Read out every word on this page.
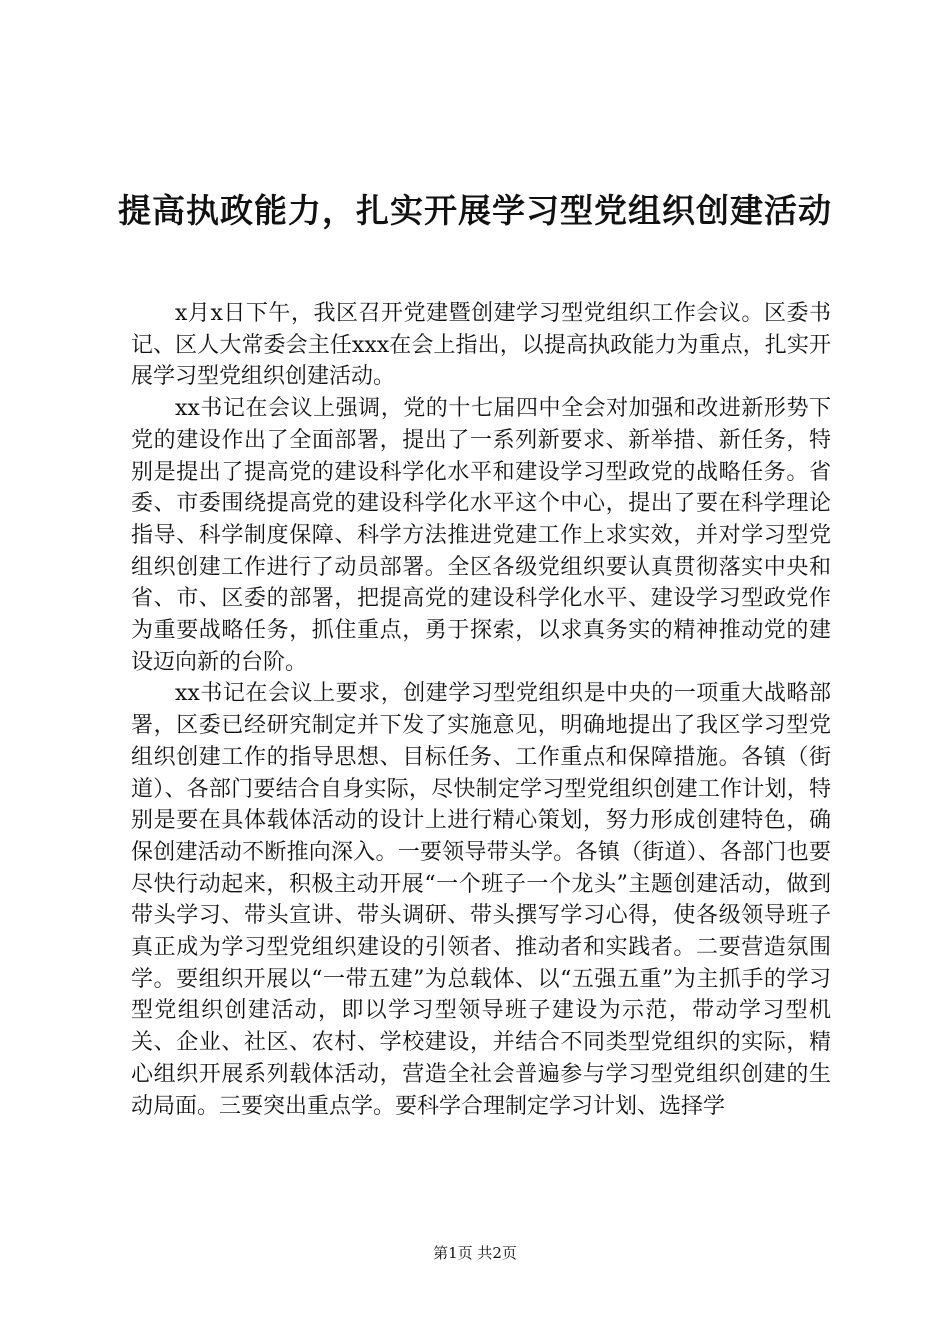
提高执政能力，扎实开展学习型党组织创建活动

x月x日下午，我区召开党建暨创建学习型党组织工作会议。区委书记、区人大常委会主任xxx在会上指出，以提高执政能力为重点，扎实开展学习型党组织创建活动。

xx书记在会议上强调，党的十七届四中全会对加强和改进新形势下党的建设作出了全面部署，提出了一系列新要求、新举措、新任务，特别是提出了提高党的建设科学化水平和建设学习型政党的战略任务。省委、市委围绕提高党的建设科学化水平这个中心，提出了要在科学理论指导、科学制度保障、科学方法推进党建工作上求实效，并对学习型党组织创建工作进行了动员部署。全区各级党组织要认真贯彻落实中央和省、市、区委的部署，把提高党的建设科学化水平、建设学习型政党作为重要战略任务，抓住重点，勇于探索，以求真务实的精神推动党的建设迈向新的台阶。

xx书记在会议上要求，创建学习型党组织是中央的一项重大战略部署，区委已经研究制定并下发了实施意见，明确地提出了我区学习型党组织创建工作的指导思想、目标任务、工作重点和保障措施。各镇（街道）、各部门要结合自身实际，尽快制定学习型党组织创建工作计划，特别是要在具体载体活动的设计上进行精心策划，努力形成创建特色，确保创建活动不断推向深入。一要领导带头学。各镇（街道）、各部门也要尽快行动起来，积极主动开展“一个班子一个龙头”主题创建活动，做到带头学习、带头宣讲、带头调研、带头撰写学习心得，使各级领导班子真正成为学习型党组织建设的引领者、推动者和实践者。二要营造氛围学。要组织开展以“一带五建”为总载体、以“五强五重”为主抓手的学习型党组织创建活动，即以学习型领导班子建设为示范，带动学习型机关、企业、社区、农村、学校建设，并结合不同类型党组织的实际，精心组织开展系列载体活动，营造全社会普遍参与学习型党组织创建的生动局面。三要突出重点学。要科学合理制定学习计划、选择学

第1页 共2页
